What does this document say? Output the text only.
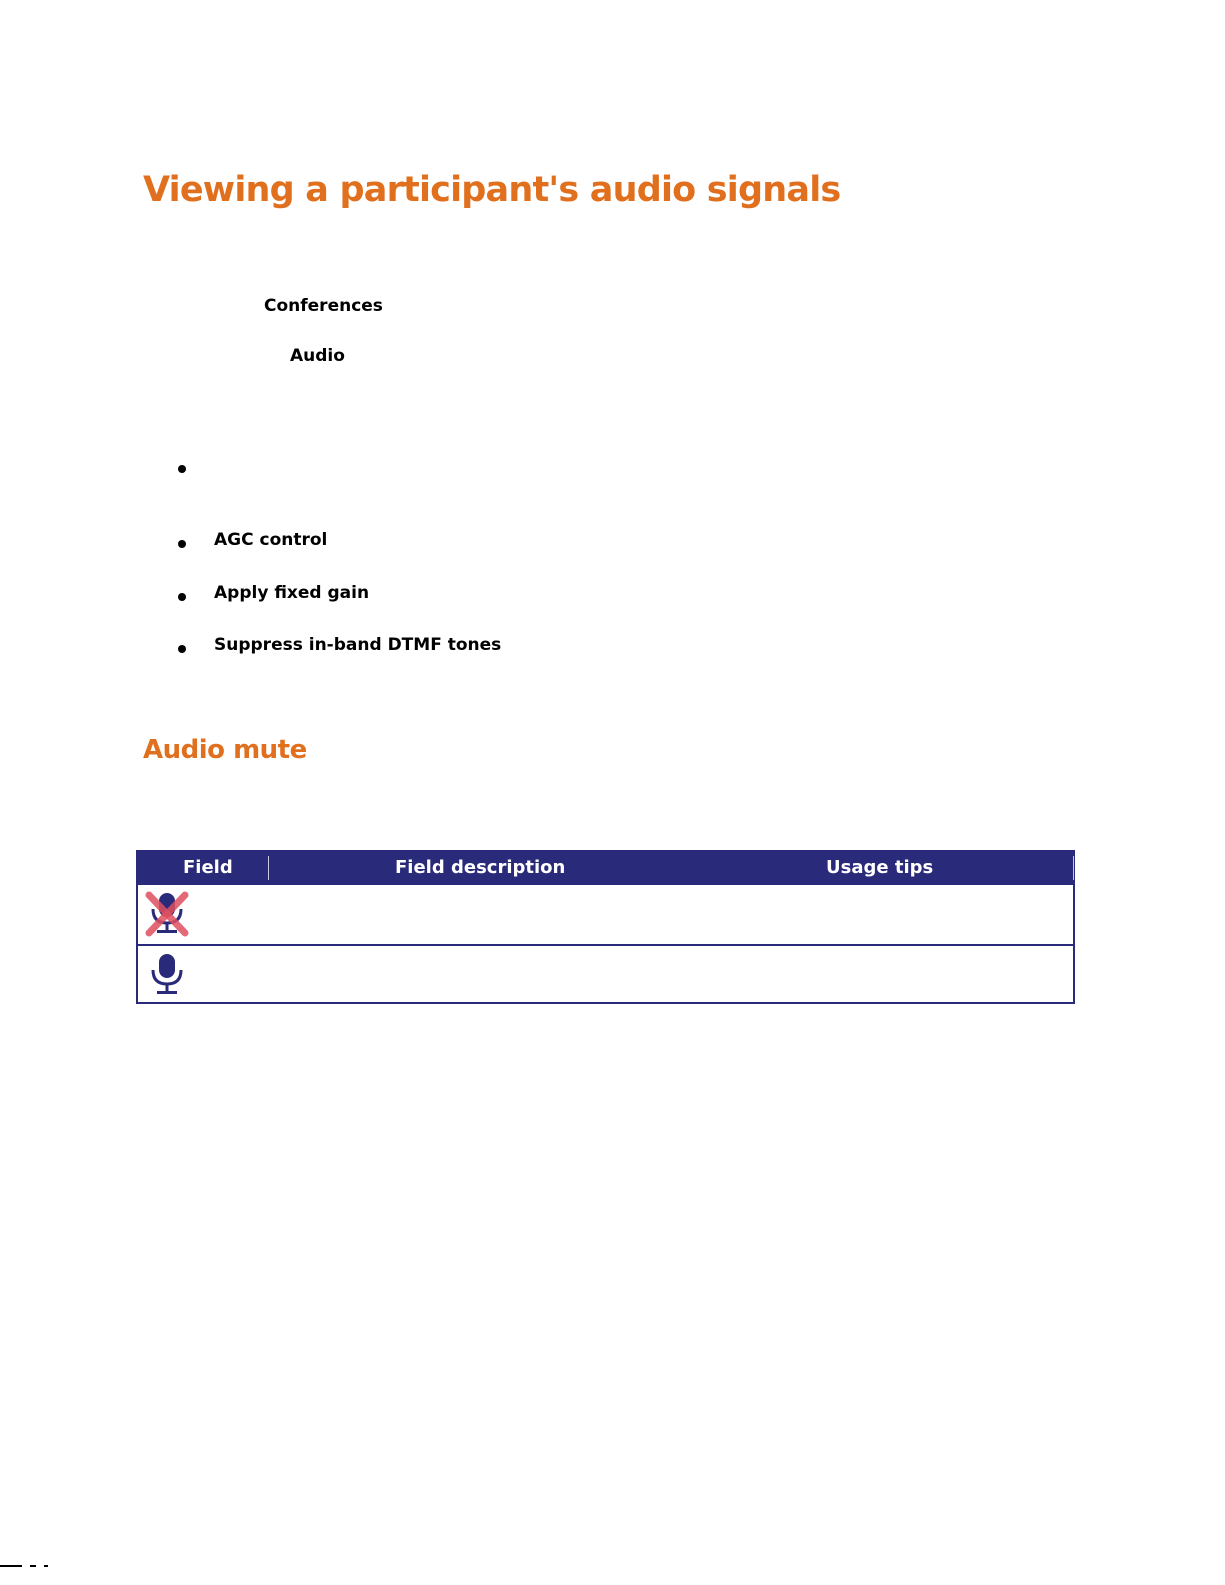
Viewing a participant's audio signals
Conferences
Audio
AGC control
Apply fixed gain
Suppress in-band DTMF tones
Audio mute
Field	Field description	Usage tips
